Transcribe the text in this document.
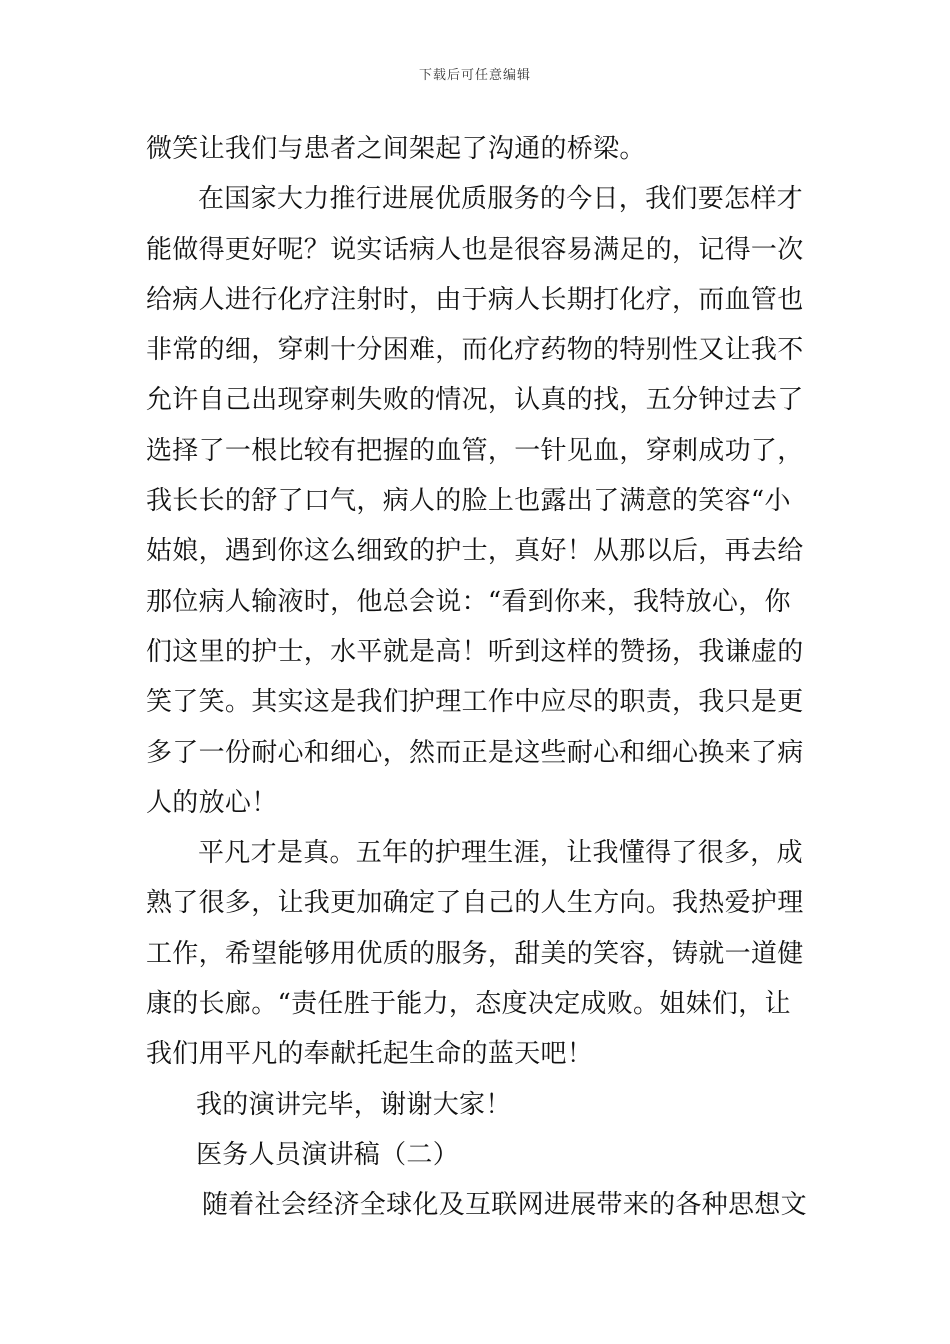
下载后可任意编辑

微笑让我们与患者之间架起了沟通的桥梁。

在国家大力推行进展优质服务的今日，我们要怎样才

能做得更好呢？说实话病人也是很容易满足的，记得一次

给病人进行化疗注射时，由于病人长期打化疗，而血管也

非常的细，穿刺十分困难，而化疗药物的特别性又让我不

允许自己出现穿刺失败的情况，认真的找，五分钟过去了

选择了一根比较有把握的血管，一针见血，穿刺成功了，

我长长的舒了口气，病人的脸上也露出了满意的笑容“小

姑娘，遇到你这么细致的护士，真好！从那以后，再去给

那位病人输液时，他总会说：“看到你来，我特放心，你

们这里的护士，水平就是高！听到这样的赞扬，我谦虚的

笑了笑。其实这是我们护理工作中应尽的职责，我只是更

多了一份耐心和细心，然而正是这些耐心和细心换来了病

人的放心！

平凡才是真。五年的护理生涯，让我懂得了很多，成

熟了很多，让我更加确定了自己的人生方向。我热爱护理

工作，希望能够用优质的服务，甜美的笑容，铸就一道健

康的长廊。“责任胜于能力，态度决定成败。姐妹们，让

我们用平凡的奉献托起生命的蓝天吧！

我的演讲完毕，谢谢大家！

医务人员演讲稿（二）

随着社会经济全球化及互联网进展带来的各种思想文
